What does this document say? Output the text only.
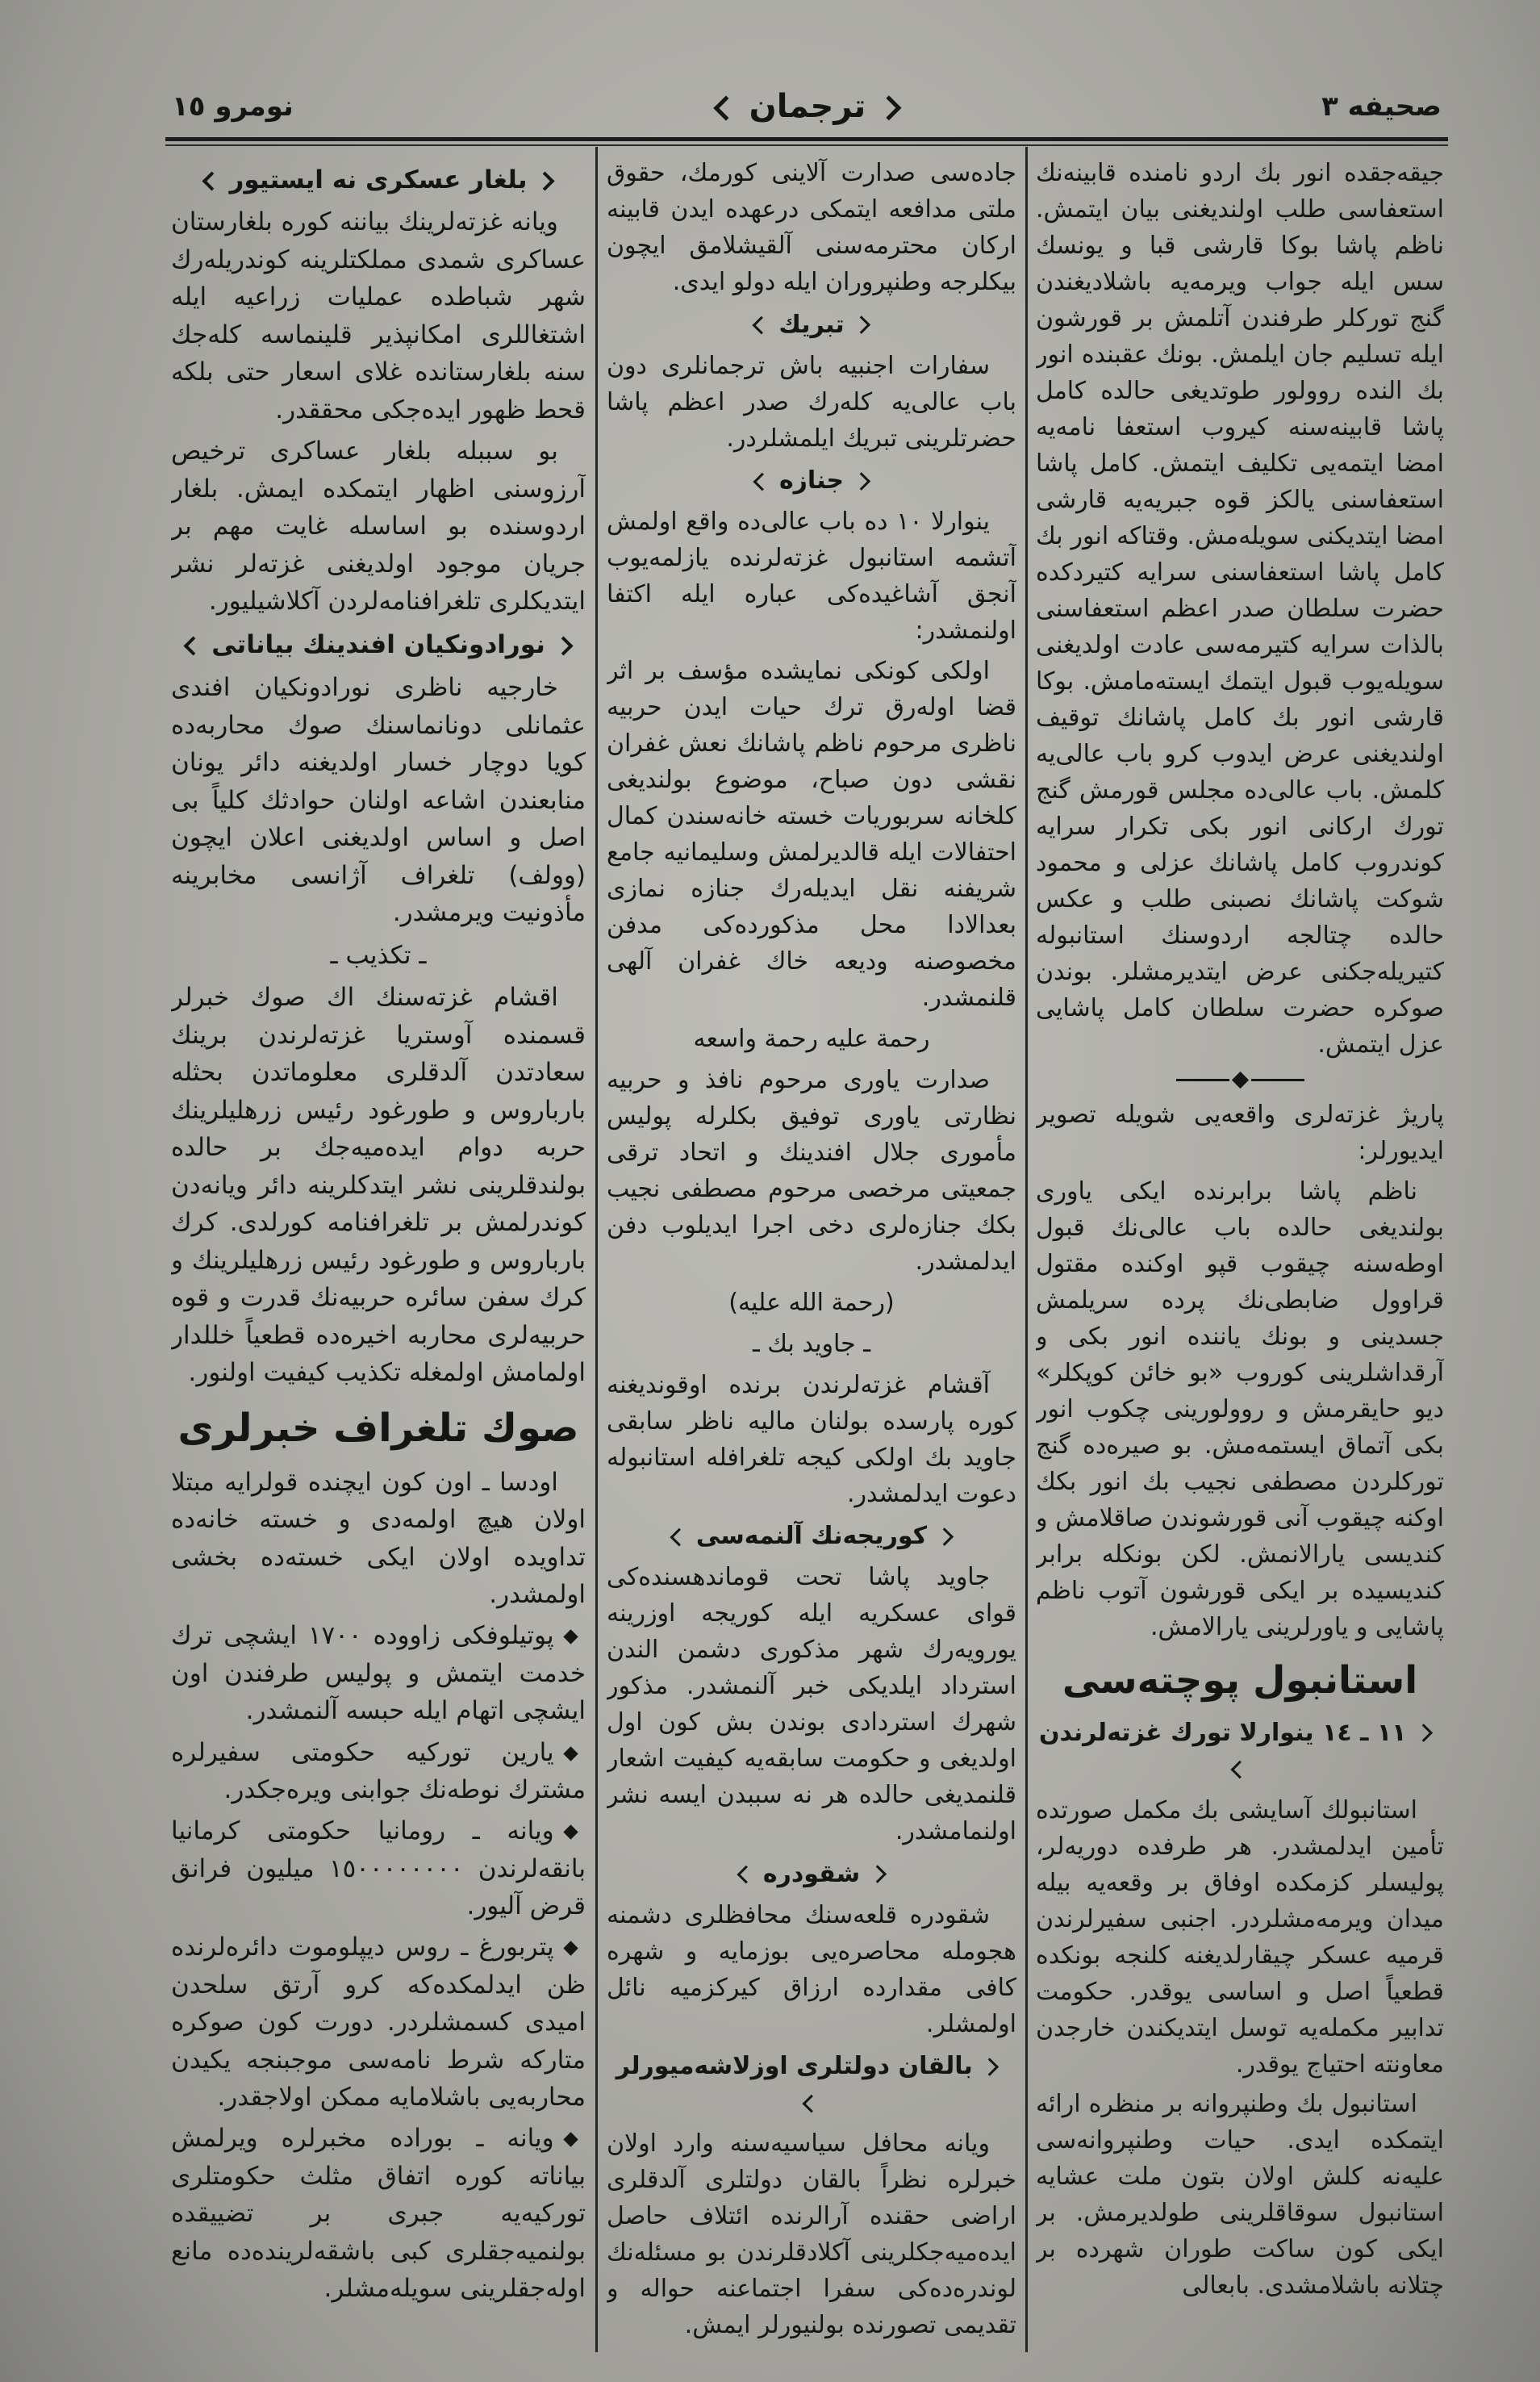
صحیفه ٣
ترجمان
نومرو ١٥

جیقه‌جقده انور بك اردو نامنده قابینه‌نك استعفاسی طلب اولندیغنی بیان ایتمش. ناظم پاشا بوكا قارشی قبا و یونسك سس ایله جواب ویرمه‌یه باشلادیغندن گنج توركلر طرفندن آتلمش بر قورشون ایله تسلیم جان ایلمش. بونك عقبنده انور بك النده روولور طوتدیغی حالده كامل پاشا قابینه‌سنه كیروب استعفا نامه‌یه امضا ایتمه‌یی تكلیف ایتمش. كامل پاشا استعفاسنی یالكز قوه جبریه‌یه قارشی امضا ایتدیكنی سویله‌مش. وقتاكه انور بك كامل پاشا استعفاسنی سرایه كتیردكده حضرت سلطان صدر اعظم استعفاسنی بالذات سرایه كتیرمه‌سی عادت اولدیغنی سویله‌یوب قبول ایتمك ایسته‌مامش. بوكا قارشی انور بك كامل پاشانك توقیف اولندیغنی عرض ایدوب كرو باب عالی‌یه كلمش. باب عالی‌ده مجلس قورمش گنج تورك اركانی انور بكی تكرار سرایه كوندروب كامل پاشانك عزلی و محمود شوكت پاشانك نصبنی طلب و عكس حالده چتالجه اردوسنك استانبوله كتیریله‌جكنی عرض ایتدیرمشلر. بوندن صوكره حضرت سلطان كامل پاشایی عزل ایتمش.

پاریژ غزته‌لری واقعه‌یی شویله تصویر ایدیورلر:

ناظم پاشا برابرنده ایكی یاوری بولندیغی حالده باب عالی‌نك قبول اوطه‌سنه چیقوب قپو اوكنده مقتول قراوول ضابطی‌نك پرده سریلمش جسدینی و بونك یاننده انور بكی و آرقداشلرینی كوروب «بو خائن كوپكلر» دیو حایقرمش و روولورینی چكوب انور بكی آتماق ایستمه‌مش. بو صیره‌ده گنج توركلردن مصطفی نجیب بك انور بكك اوكنه چیقوب آنی قورشوندن صاقلامش و كندیسی یارالانمش. لكن بونكله برابر كندیسیده بر ایكی قورشون آتوب ناظم پاشایی و یاورلرینی یارالامش.

استانبول پوچته‌سی
١١ ـ ١٤ ینوارلا تورك غزته‌لرندن

استانبولك آسایشی بك مكمل صورتده تأمین ایدلمشدر. هر طرفده دوریه‌لر، پولیسلر كزمكده اوفاق بر وقعه‌یه بیله میدان ویرمه‌مشلردر. اجنبی سفیرلرندن قرمیه عسكر چیقارلدیغنه كلنجه بونكده قطعیاً اصل و اساسی یوقدر. حكومت تدابیر مكمله‌یه توسل ایتدیكندن خارجدن معاونته احتیاج یوقدر.

استانبول بك وطنپروانه بر منظره ارائه ایتمكده ایدی. حیات وطنپروانه‌سی علیه‌نه كلش اولان بتون ملت عشایه استانبول سوقاقلرینی طولدیرمش. بر ایكی كون ساكت طوران شهرده بر چتلانه باشلامشدی. بابعالی

جاده‌سی صدارت آلاینی كورمك، حقوق ملتی مدافعه ایتمكی درعهده ایدن قابینه اركان محترمه‌سنی آلقیشلامق ایچون بیكلرجه وطنپروران ایله دولو ایدی.

تبریك

سفارات اجنبیه باش ترجمانلری دون باب عالی‌یه كله‌رك صدر اعظم پاشا حضرتلرینی تبریك ایلمشلردر.

جنازه

ینوارلا ١٠ ده باب عالی‌ده واقع اولمش آتشمه استانبول غزته‌لرنده یازلمه‌یوب آنجق آشاغیده‌كی عباره ایله اكتفا اولنمشدر:

اولكی كونكی نمایشده مؤسف بر اثر قضا اوله‌رق ترك حیات ایدن حربیه ناظری مرحوم ناظم پاشانك نعش غفران نقشی دون صباح، موضوع بولندیغی كلخانه سربوریات خسته خانه‌سندن كمال احتفالات ایله قالدیرلمش وسلیمانیه جامع شریفنه نقل ایدیله‌رك جنازه نمازی بعدالادا محل مذكورده‌كی مدفن مخصوصنه ودیعه خاك غفران آلهی قلنمشدر.

رحمة علیه رحمة واسعه

صدارت یاوری مرحوم نافذ و حربیه نظارتی یاوری توفیق بكلرله پولیس مأموری جلال افندینك و اتحاد ترقی جمعیتی مرخصی مرحوم مصطفی نجیب بكك جنازه‌لری دخی اجرا ایدیلوب دفن ایدلمشدر.

(رحمة الله علیه)
ـ جاوید بك ـ

آقشام غزته‌لرندن برنده اوقوندیغنه كوره پارسده بولنان مالیه ناظر سابقی جاوید بك اولكی كیجه تلغرافله استانبوله دعوت ایدلمشدر.

كوریجه‌نك آلنمه‌سی

جاوید پاشا تحت قوماندهسنده‌كی قوای عسكریه ایله كوریجه اوزرینه یورویه‌رك شهر مذكوری دشمن الندن استرداد ایلدیكی خبر آلنمشدر. مذكور شهرك استردادی بوندن بش كون اول اولدیغی و حكومت سابقه‌یه كیفیت اشعار قلنمدیغی حالده هر نه سببدن ایسه نشر اولنمامشدر.

شقودره

شقودره قلعه‌سنك محافظلری دشمنه هجومله محاصره‌یی بوزمایه و شهره كافی مقدارده ارزاق كیركزمیه نائل اولمشلر.

بالقان دولتلری اوزلاشه‌میورلر

ویانه محافل سیاسیه‌سنه وارد اولان خبرلره نظراً بالقان دولتلری آلدقلری اراضی حقنده آرالرنده ائتلاف حاصل ایده‌میه‌جكلرینی آكلادقلرندن بو مسئله‌نك لوندره‌ده‌كی سفرا اجتماعنه حواله و تقدیمی تصورنده بولنیورلر ایمش.

بلغار عسكری نه ایستیور

ویانه غزته‌لرینك بیاننه كوره بلغارستان عساكری شمدی مملكتلرینه كوندریله‌رك شهر شباطده عملیات زراعیه ایله اشتغاللری امكانپذیر قلینماسه كله‌جك سنه بلغارستانده غلای اسعار حتی بلكه قحط ظهور ایده‌جكی محققدر.

بو سببله بلغار عساكری ترخیص آرزوسنی اظهار ایتمكده ایمش. بلغار اردوسنده بو اساسله غایت مهم بر جریان موجود اولدیغنی غزته‌لر نشر ایتدیكلری تلغرافنامه‌لردن آكلاشیلیور.

نورادونكیان افندینك بیاناتی

خارجیه ناظری نورادونكیان افندی عثمانلی دونانماسنك صوك محاربه‌ده كویا دوچار خسار اولدیغنه دائر یونان منابعندن اشاعه اولنان حوادثك كلیاً بی اصل و اساس اولدیغنی اعلان ایچون (وولف) تلغراف آژانسی مخابرینه مأذونیت ویرمشدر.

ـ تكذیب ـ

اقشام غزته‌سنك اك صوك خبرلر قسمنده آوستریا غزته‌لرندن برینك سعادتدن آلدقلری معلوماتدن بحثله بارباروس و طورغود رئیس زرهلیلرینك حربه دوام ایده‌میه‌جك بر حالده بولندقلرینی نشر ایتدكلرینه دائر ویانه‌دن كوندرلمش بر تلغرافنامه كورلدی. كرك بارباروس و طورغود رئیس زرهلیلرینك و كرك سفن سائره حربیه‌نك قدرت و قوه حربیه‌لری محاربه اخیره‌ده قطعیاً خللدار اولمامش اولمغله تكذیب كیفیت اولنور.

صوك تلغراف خبرلری

اودسا ـ اون كون ایچنده قولرایه مبتلا اولان هیچ اولمه‌دی و خسته خانه‌ده تداویده اولان ایكی خسته‌ده بخشی اولمشدر.

پوتیلوفكی زاووده ١٧٠٠ ایشچی ترك خدمت ایتمش و پولیس طرفندن اون ایشچی اتهام ایله حبسه آلنمشدر.

یارین توركیه حكومتی سفیرلره مشترك نوطه‌نك جوابنی ویره‌جكدر.

ویانه ـ رومانیا حكومتی كرمانیا بانقه‌لرندن ١٥٠٠٠٠٠٠٠٠ میلیون فرانق قرض آلیور.

پتربورغ ـ روس دیپلوموت دائره‌لرنده ظن ایدلمكده‌كه كرو آرتق سلحدن امیدی كسمشلردر. دورت كون صوكره متاركه شرط نامه‌سی موجبنجه یكیدن محاربه‌یی باشلامایه ممكن اولاجقدر.

ویانه ـ بوراده مخبرلره ویرلمش بیاناته كوره اتفاق مثلث حكومتلری توركیه‌یه جبری بر تضییقده بولنمیه‌جقلری كبی باشقه‌لرینده‌ده مانع اوله‌جقلرینی سویله‌مشلر.
